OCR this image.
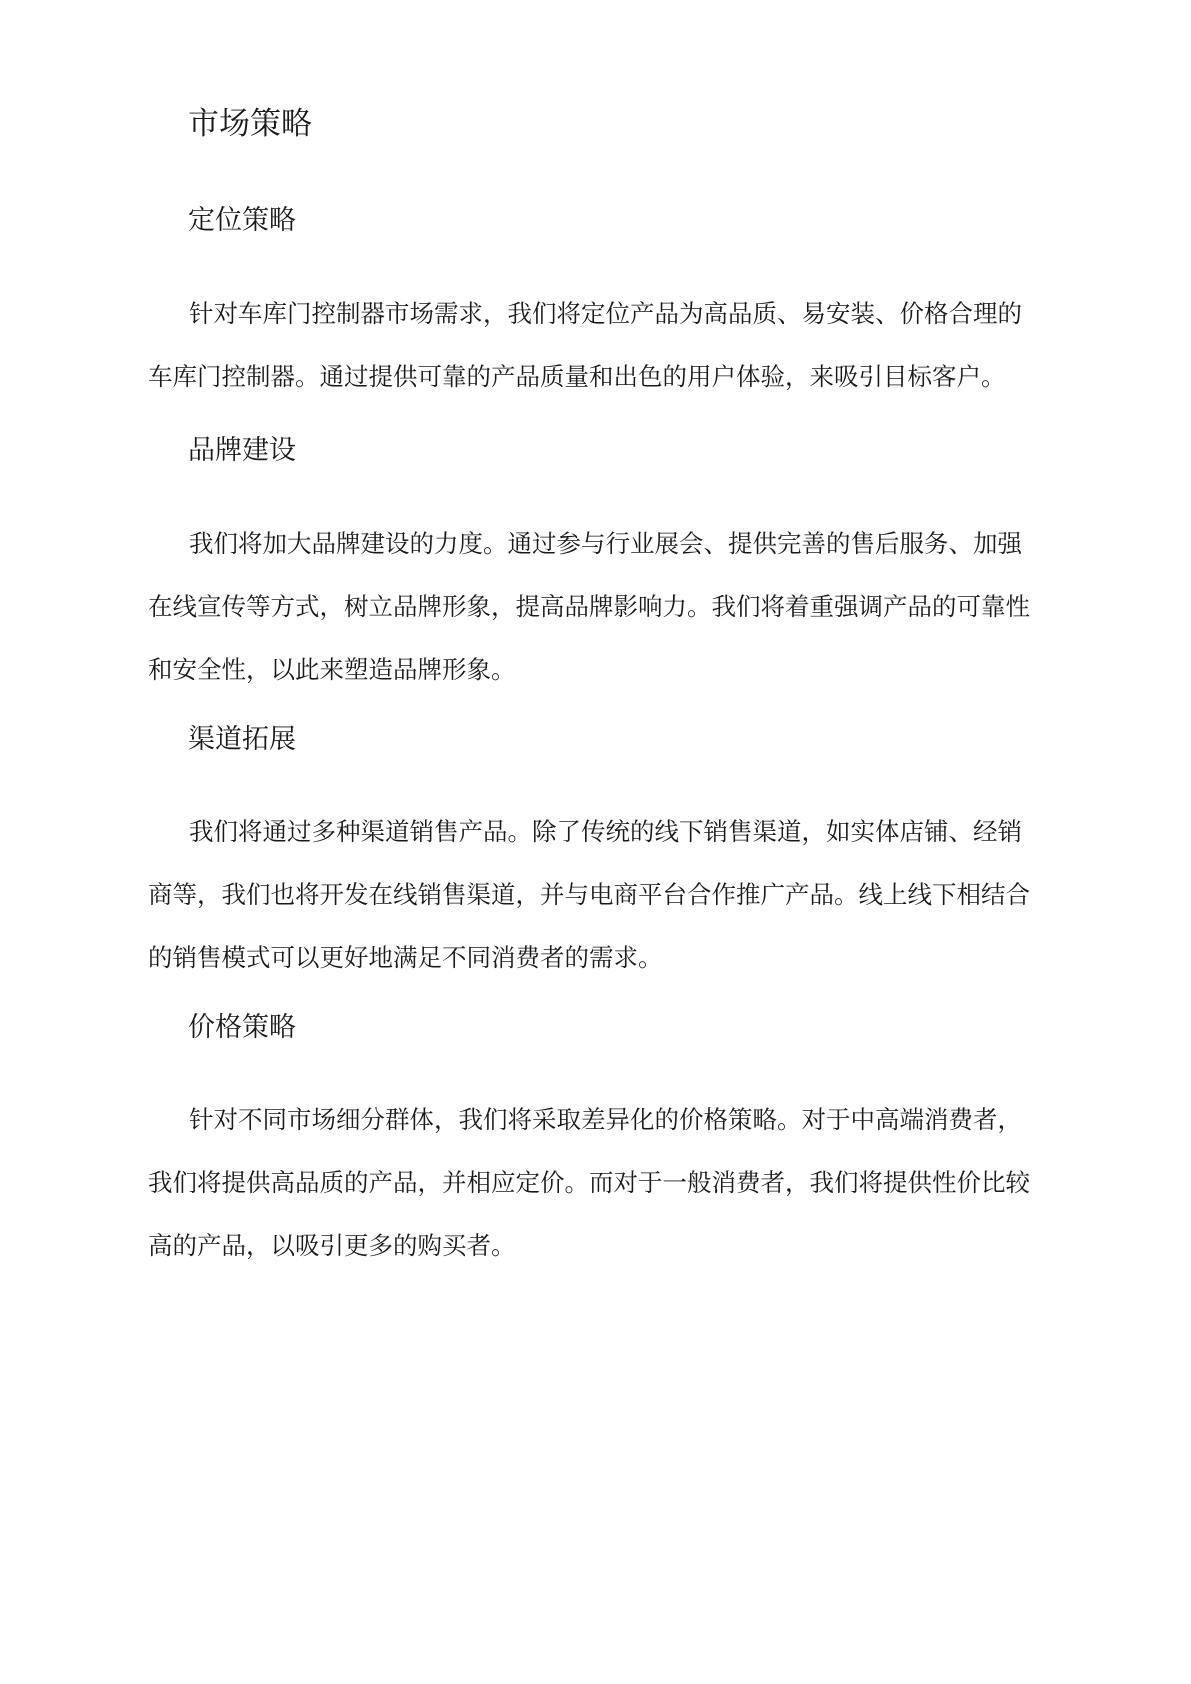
市场策略
定位策略

针对车库门控制器市场需求，我们将定位产品为高品质、易安装、价格合理的车库门控制器。通过提供可靠的产品质量和出色的用户体验，来吸引目标客户。

品牌建设

我们将加大品牌建设的力度。通过参与行业展会、提供完善的售后服务、加强在线宣传等方式，树立品牌形象，提高品牌影响力。我们将着重强调产品的可靠性和安全性，以此来塑造品牌形象。

渠道拓展

我们将通过多种渠道销售产品。除了传统的线下销售渠道，如实体店铺、经销商等，我们也将开发在线销售渠道，并与电商平台合作推广产品。线上线下相结合的销售模式可以更好地满足不同消费者的需求。

价格策略

针对不同市场细分群体，我们将采取差异化的价格策略。对于中高端消费者，我们将提供高品质的产品，并相应定价。而对于一般消费者，我们将提供性价比较高的产品，以吸引更多的购买者。
